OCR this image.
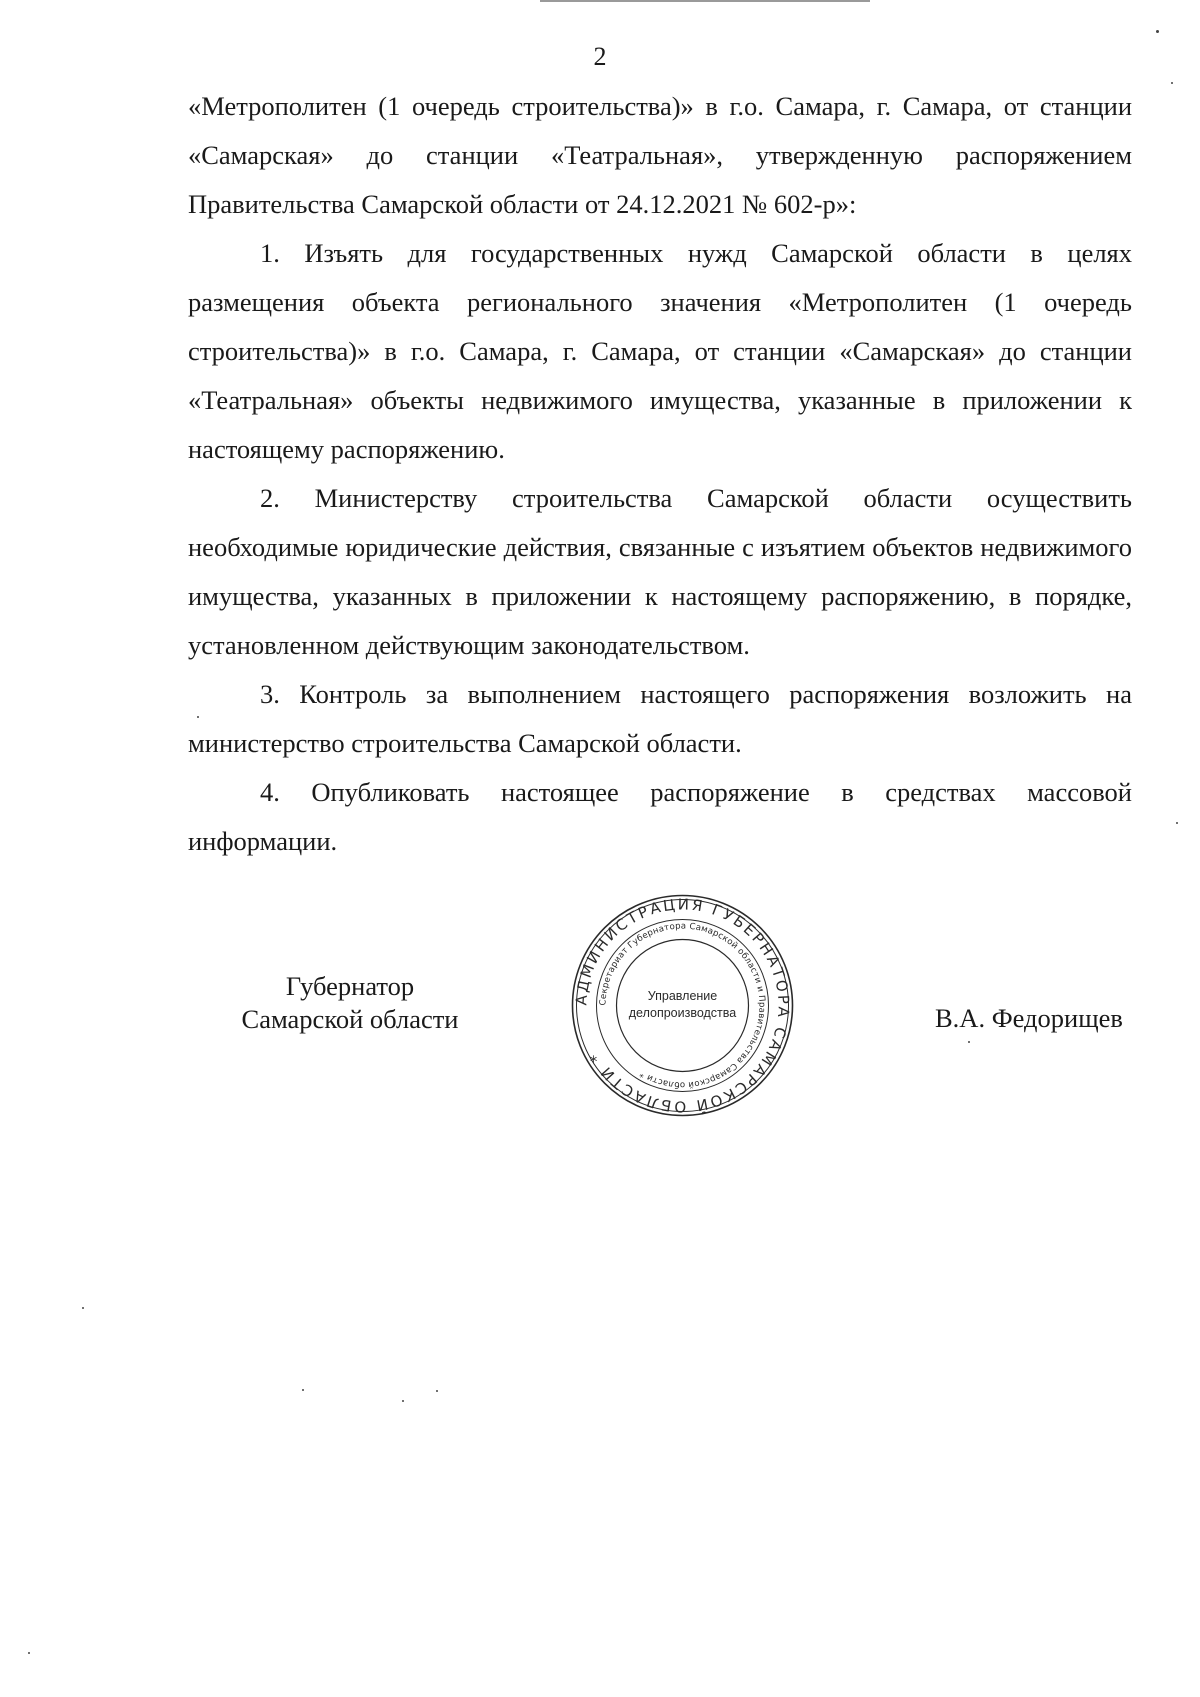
2

«Метрополитен (1 очередь строительства)» в г.о. Самара, г. Самара, от станции «Самарская» до станции «Театральная», утвержденную распоряжением Правительства Самарской области от 24.12.2021 № 602-р»:

1. Изъять для государственных нужд Самарской области в целях размещения объекта регионального значения «Метрополитен (1 очередь строительства)» в г.о. Самара, г. Самара, от станции «Самарская» до станции «Театральная» объекты недвижимого имущества, указанные в приложении к настоящему распоряжению.

2. Министерству строительства Самарской области осуществить необходимые юридические действия, связанные с изъятием объектов недвижимого имущества, указанных в приложении к настоящему распоряжению, в порядке, установленном действующим законодательством.

3. Контроль за выполнением настоящего распоряжения возложить на министерство строительства Самарской области.

4. Опубликовать настоящее распоряжение в средствах массовой информации.

Губернатор
Самарской области	В.А. Федорищев
АДМИНИСТРАЦИЯ ГУБЕРНАТОРА САМАРСКОЙ ОБЛАСТИ *
Секретариат Губернатора Самарской области и Правительства Самарской области *
Управление
делопроизводства
